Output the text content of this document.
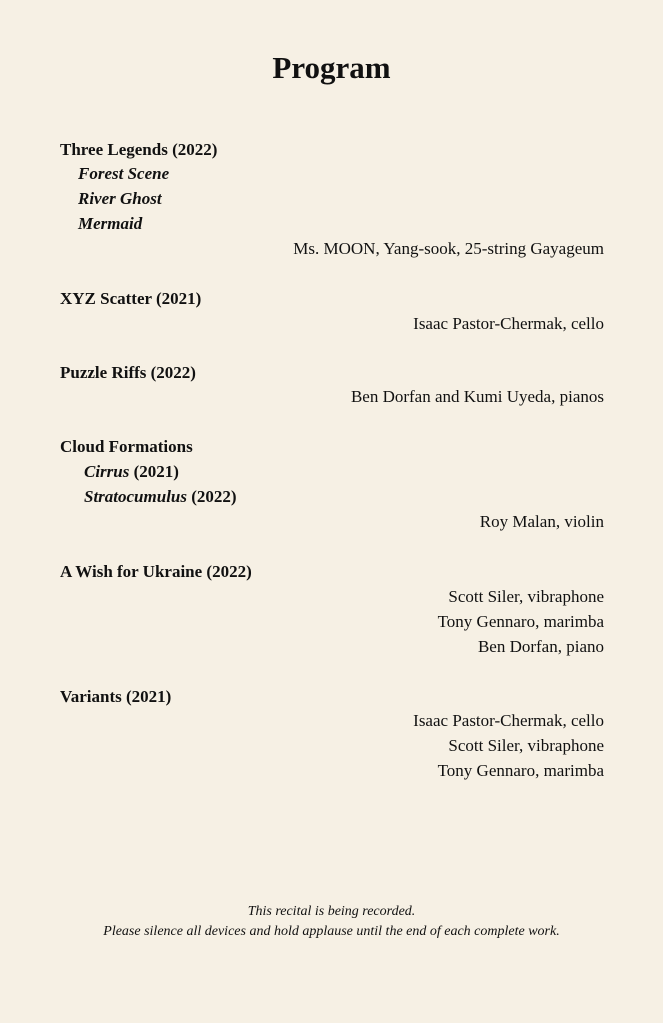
Program
Three Legends (2022)
Forest Scene
River Ghost
Mermaid
Ms. MOON, Yang-sook, 25-string Gayageum
XYZ Scatter (2021)
Isaac Pastor-Chermak, cello
Puzzle Riffs (2022)
Ben Dorfan and Kumi Uyeda, pianos
Cloud Formations
Cirrus (2021)
Stratocumulus (2022)
Roy Malan, violin
A Wish for Ukraine (2022)
Scott Siler, vibraphone
Tony Gennaro, marimba
Ben Dorfan, piano
Variants (2021)
Isaac Pastor-Chermak, cello
Scott Siler, vibraphone
Tony Gennaro, marimba
This recital is being recorded.
Please silence all devices and hold applause until the end of each complete work.
